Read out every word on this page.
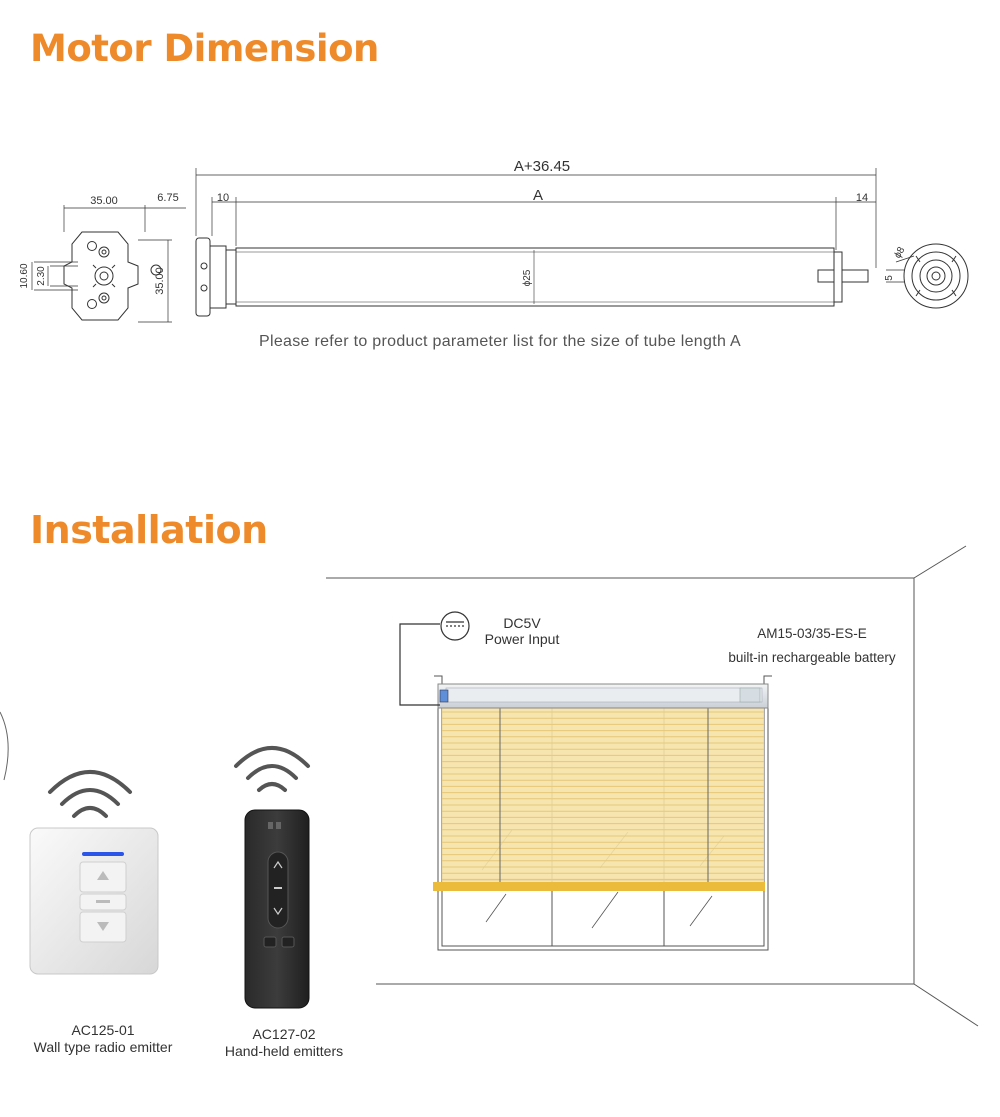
Motor Dimension
Installation
A+36.45
A
10	14
35.00	6.75
35.00
10.60 2.30	ϕ25
ϕ8
5
DC5V
Power Input	AM15-03/35-ES-E
built-in rechargeable battery
Please refer to product parameter list for the size of tube length A
AC125-01
Wall type radio emitter
AC127-02
Hand-held emitters
